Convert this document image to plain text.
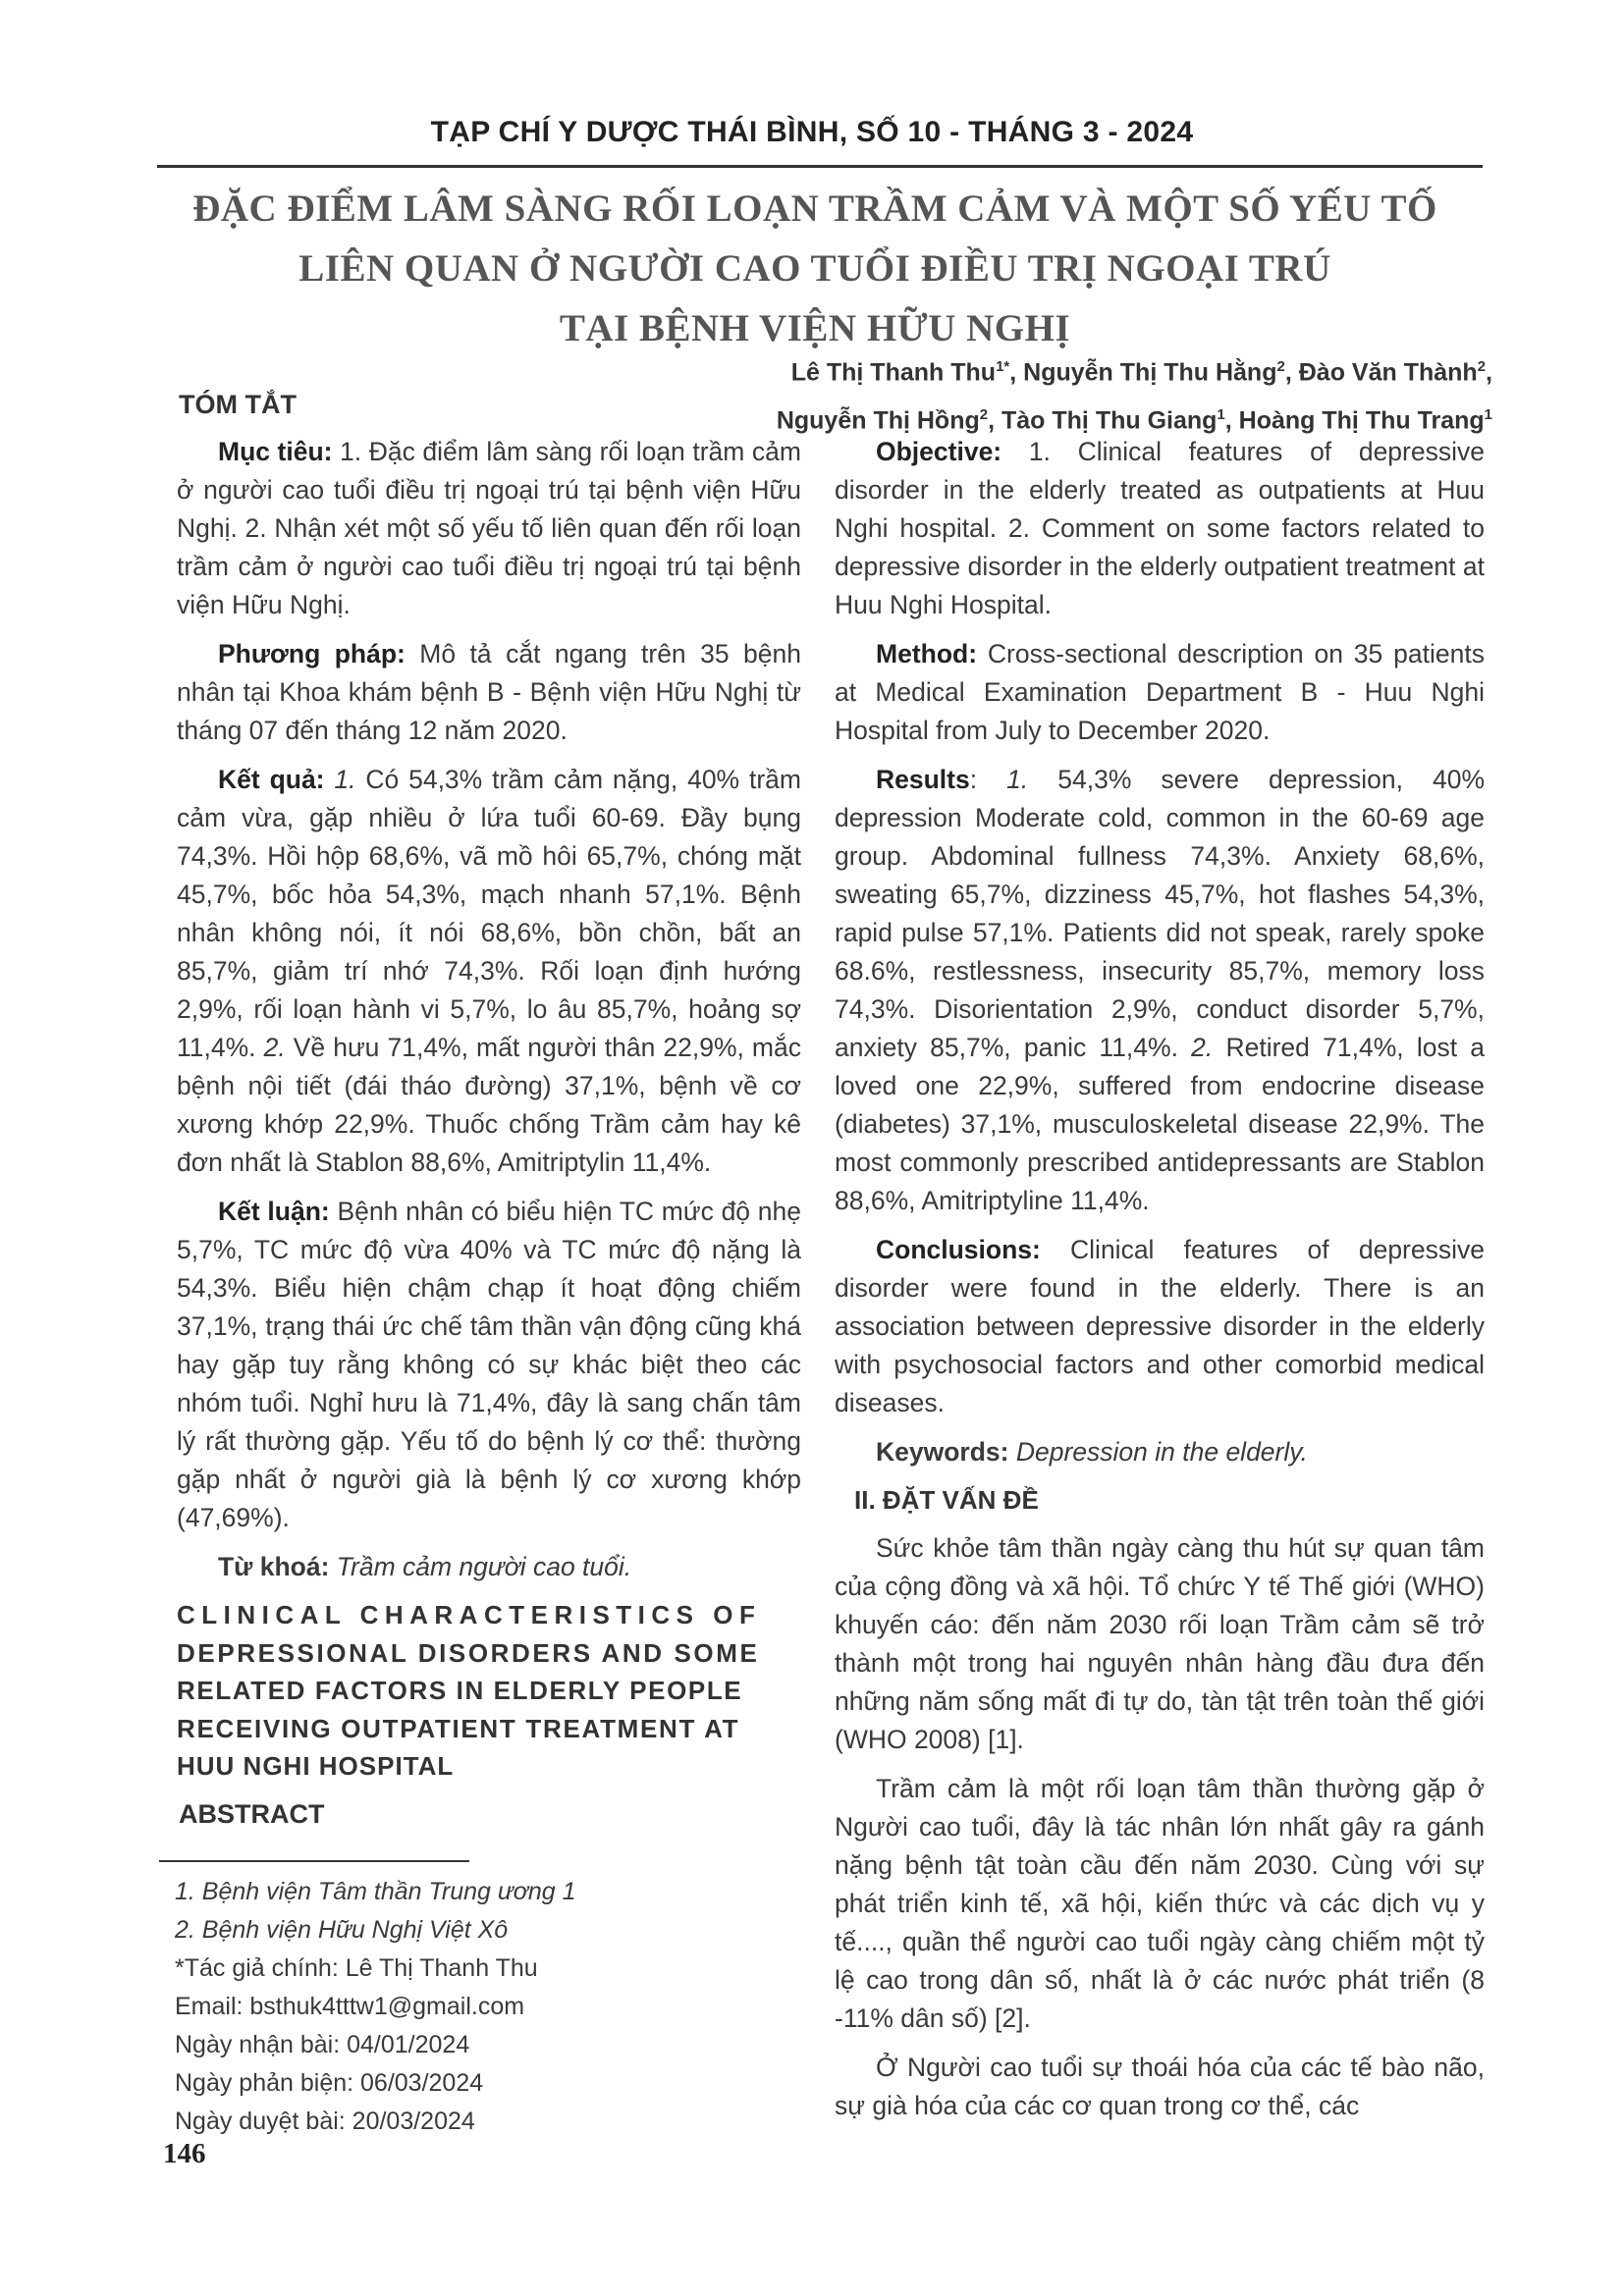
TẠP CHÍ Y DƯỢC THÁI BÌNH, SỐ 10 - THÁNG 3 - 2024
ĐẶC ĐIỂM LÂM SÀNG RỐI LOẠN TRẦM CẢM VÀ MỘT SỐ YẾU TỐ
LIÊN QUAN Ở NGƯỜI CAO TUỔI ĐIỀU TRỊ NGOẠI TRÚ
TẠI BỆNH VIỆN HỮU NGHỊ
Lê Thị Thanh Thu$^{1*}$, Nguyễn Thị Thu Hằng$^2$, Đào Văn Thành$^2$,
Nguyễn Thị Hồng$^2$, Tào Thị Thu Giang$^1$, Hoàng Thị Thu Trang$^1$
TÓM TẮT

Mục tiêu: 1. Đặc điểm lâm sàng rối loạn trầm cảm ở người cao tuổi điều trị ngoại trú tại bệnh viện Hữu Nghị. 2. Nhận xét một số yếu tố liên quan đến rối loạn trầm cảm ở người cao tuổi điều trị ngoại trú tại bệnh viện Hữu Nghị.

Phương pháp: Mô tả cắt ngang trên 35 bệnh nhân tại Khoa khám bệnh B - Bệnh viện Hữu Nghị từ tháng 07 đến tháng 12 năm 2020.

Kết quả: 1. Có 54,3% trầm cảm nặng, 40% trầm cảm vừa, gặp nhiều ở lứa tuổi 60-69. Đầy bụng 74,3%. Hồi hộp 68,6%, vã mồ hôi 65,7%, chóng mặt 45,7%, bốc hỏa 54,3%, mạch nhanh 57,1%. Bệnh nhân không nói, ít nói 68,6%, bồn chồn, bất an 85,7%, giảm trí nhớ 74,3%. Rối loạn định hướng 2,9%, rối loạn hành vi 5,7%, lo âu 85,7%, hoảng sợ 11,4%. 2. Về hưu 71,4%, mất người thân 22,9%, mắc bệnh nội tiết (đái tháo đường) 37,1%, bệnh về cơ xương khớp 22,9%. Thuốc chống Trầm cảm hay kê đơn nhất là Stablon 88,6%, Amitriptylin 11,4%.

Kết luận: Bệnh nhân có biểu hiện TC mức độ nhẹ 5,7%, TC mức độ vừa 40% và TC mức độ nặng là 54,3%. Biểu hiện chậm chạp ít hoạt động chiếm 37,1%, trạng thái ức chế tâm thần vận động cũng khá hay gặp tuy rằng không có sự khác biệt theo các nhóm tuổi. Nghỉ hưu là 71,4%, đây là sang chấn tâm lý rất thường gặp. Yếu tố do bệnh lý cơ thể: thường gặp nhất ở người già là bệnh lý cơ xương khớp (47,69%).

Từ khoá: Trầm cảm người cao tuổi.

CLINICAL CHARACTERISTICS OF
DEPRESSIONAL DISORDERS AND SOME
RELATED FACTORS IN ELDERLY PEOPLE
RECEIVING OUTPATIENT TREATMENT AT
HUU NGHI HOSPITAL
ABSTRACT
1. Bệnh viện Tâm thần Trung ương 1
2. Bệnh viện Hữu Nghị Việt Xô
*Tác giả chính: Lê Thị Thanh Thu
Email: bsthuk4tttw1@gmail.com
Ngày nhận bài: 04/01/2024
Ngày phản biện: 06/03/2024
Ngày duyệt bài: 20/03/2024

Objective: 1. Clinical features of depressive disorder in the elderly treated as outpatients at Huu Nghi hospital. 2. Comment on some factors related to depressive disorder in the elderly outpatient treatment at Huu Nghi Hospital.

Method: Cross-sectional description on 35 patients at Medical Examination Department B - Huu Nghi Hospital from July to December 2020.

Results: 1. 54,3% severe depression, 40% depression Moderate cold, common in the 60-69 age group. Abdominal fullness 74,3%. Anxiety 68,6%, sweating 65,7%, dizziness 45,7%, hot flashes 54,3%, rapid pulse 57,1%. Patients did not speak, rarely spoke 68.6%, restlessness, insecurity 85,7%, memory loss 74,3%. Disorientation 2,9%, conduct disorder 5,7%, anxiety 85,7%, panic 11,4%. 2. Retired 71,4%, lost a loved one 22,9%, suffered from endocrine disease (diabetes) 37,1%, musculoskeletal disease 22,9%. The most commonly prescribed antidepressants are Stablon 88,6%, Amitriptyline 11,4%.

Conclusions: Clinical features of depressive disorder were found in the elderly. There is an association between depressive disorder in the elderly with psychosocial factors and other comorbid medical diseases.

Keywords: Depression in the elderly.

II. ĐẶT VẤN ĐỀ

Sức khỏe tâm thần ngày càng thu hút sự quan tâm của cộng đồng và xã hội. Tổ chức Y tế Thế giới (WHO) khuyến cáo: đến năm 2030 rối loạn Trầm cảm sẽ trở thành một trong hai nguyên nhân hàng đầu đưa đến những năm sống mất đi tự do, tàn tật trên toàn thế giới (WHO 2008) [1].

Trầm cảm là một rối loạn tâm thần thường gặp ở Người cao tuổi, đây là tác nhân lớn nhất gây ra gánh nặng bệnh tật toàn cầu đến năm 2030. Cùng với sự phát triển kinh tế, xã hội, kiến thức và các dịch vụ y tế...., quần thể người cao tuổi ngày càng chiếm một tỷ lệ cao trong dân số, nhất là ở các nước phát triển (8 -11% dân số) [2].

Ở Người cao tuổi sự thoái hóa của các tế bào não, sự già hóa của các cơ quan trong cơ thể, các

146
